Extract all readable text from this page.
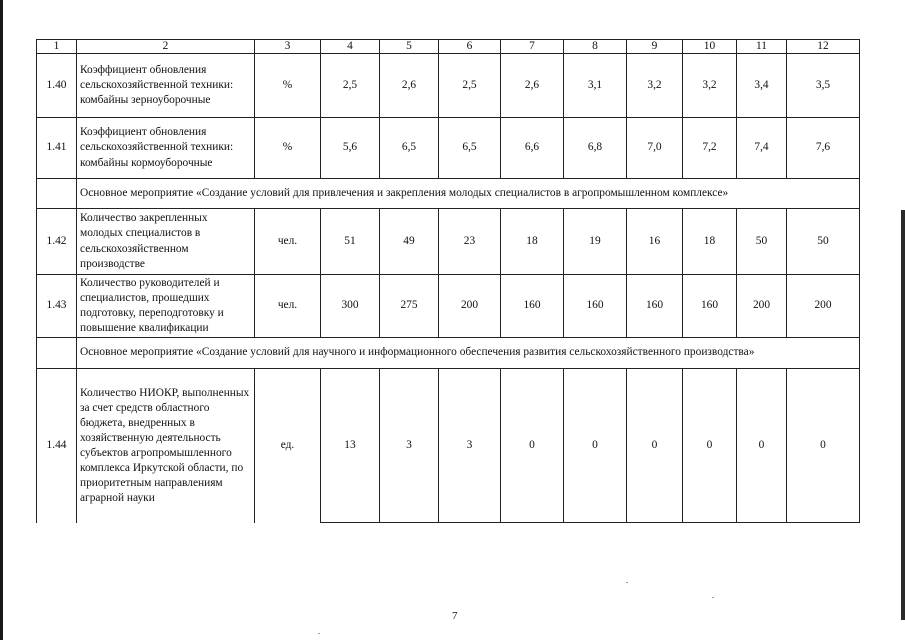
1	2	3	4	5	6	7	8	9	10	11	12
1.40	Коэффициент обновления сельскохозяйственной техники: комбайны зерноуборочные	%	2,5	2,6	2,5	2,6	3,1	3,2	3,2	3,4	3,5
1.41	Коэффициент обновления сельскохозяйственной техники: комбайны кормоуборочные	%	5,6	6,5	6,5	6,6	6,8	7,0	7,2	7,4	7,6
	Основное мероприятие «Создание условий для привлечения и закрепления молодых специалистов в агропромышленном комплексе»										
1.42	Количество закрепленных молодых специалистов в сельскохозяйственном производстве	чел.	51	49	23	18	19	16	18	50	50
1.43	Количество руководителей и специалистов, прошедших подготовку, переподготовку и повышение квалификации	чел.	300	275	200	160	160	160	160	200	200
	Основное мероприятие «Создание условий для научного и информационного обеспечения развития сельскохозяйственного производства»										
1.44	Количество НИОКР, выполненных за счет средств областного бюджета, внедренных в хозяйственную деятельность субъектов агропромышленного комплекса Иркутской области, по приоритетным направлениям аграрной науки	ед.	13	3	3	0	0	0	0	0	0
7
